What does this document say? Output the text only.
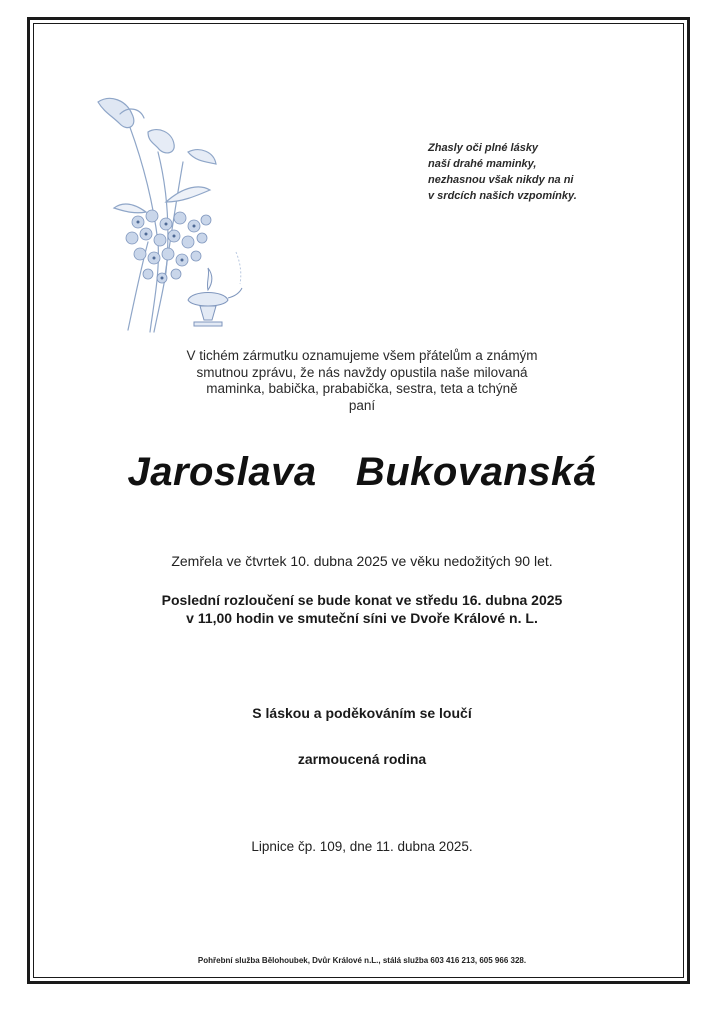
Zhasly oči plné lásky
naší drahé maminky,
nezhasnou však nikdy na ni
v srdcích našich vzpomínky.
V tichém zármutku oznamujeme všem přátelům a známým
smutnou zprávu, že nás navždy opustila naše milovaná
maminka, babička, prababička, sestra, teta a tchýně
paní
Jaroslava  Bukovanská
Zemřela ve čtvrtek 10. dubna 2025 ve věku nedožitých 90 let.
Poslední rozloučení se bude konat ve středu 16. dubna 2025
v 11,00 hodin ve smuteční síni ve Dvoře Králové n. L.
S láskou a poděkováním se loučí
zarmoucená rodina
Lipnice čp. 109, dne 11. dubna 2025.
Pohřební služba Bělohoubek, Dvůr Králové n.L., stálá služba 603 416 213, 605 966 328.
